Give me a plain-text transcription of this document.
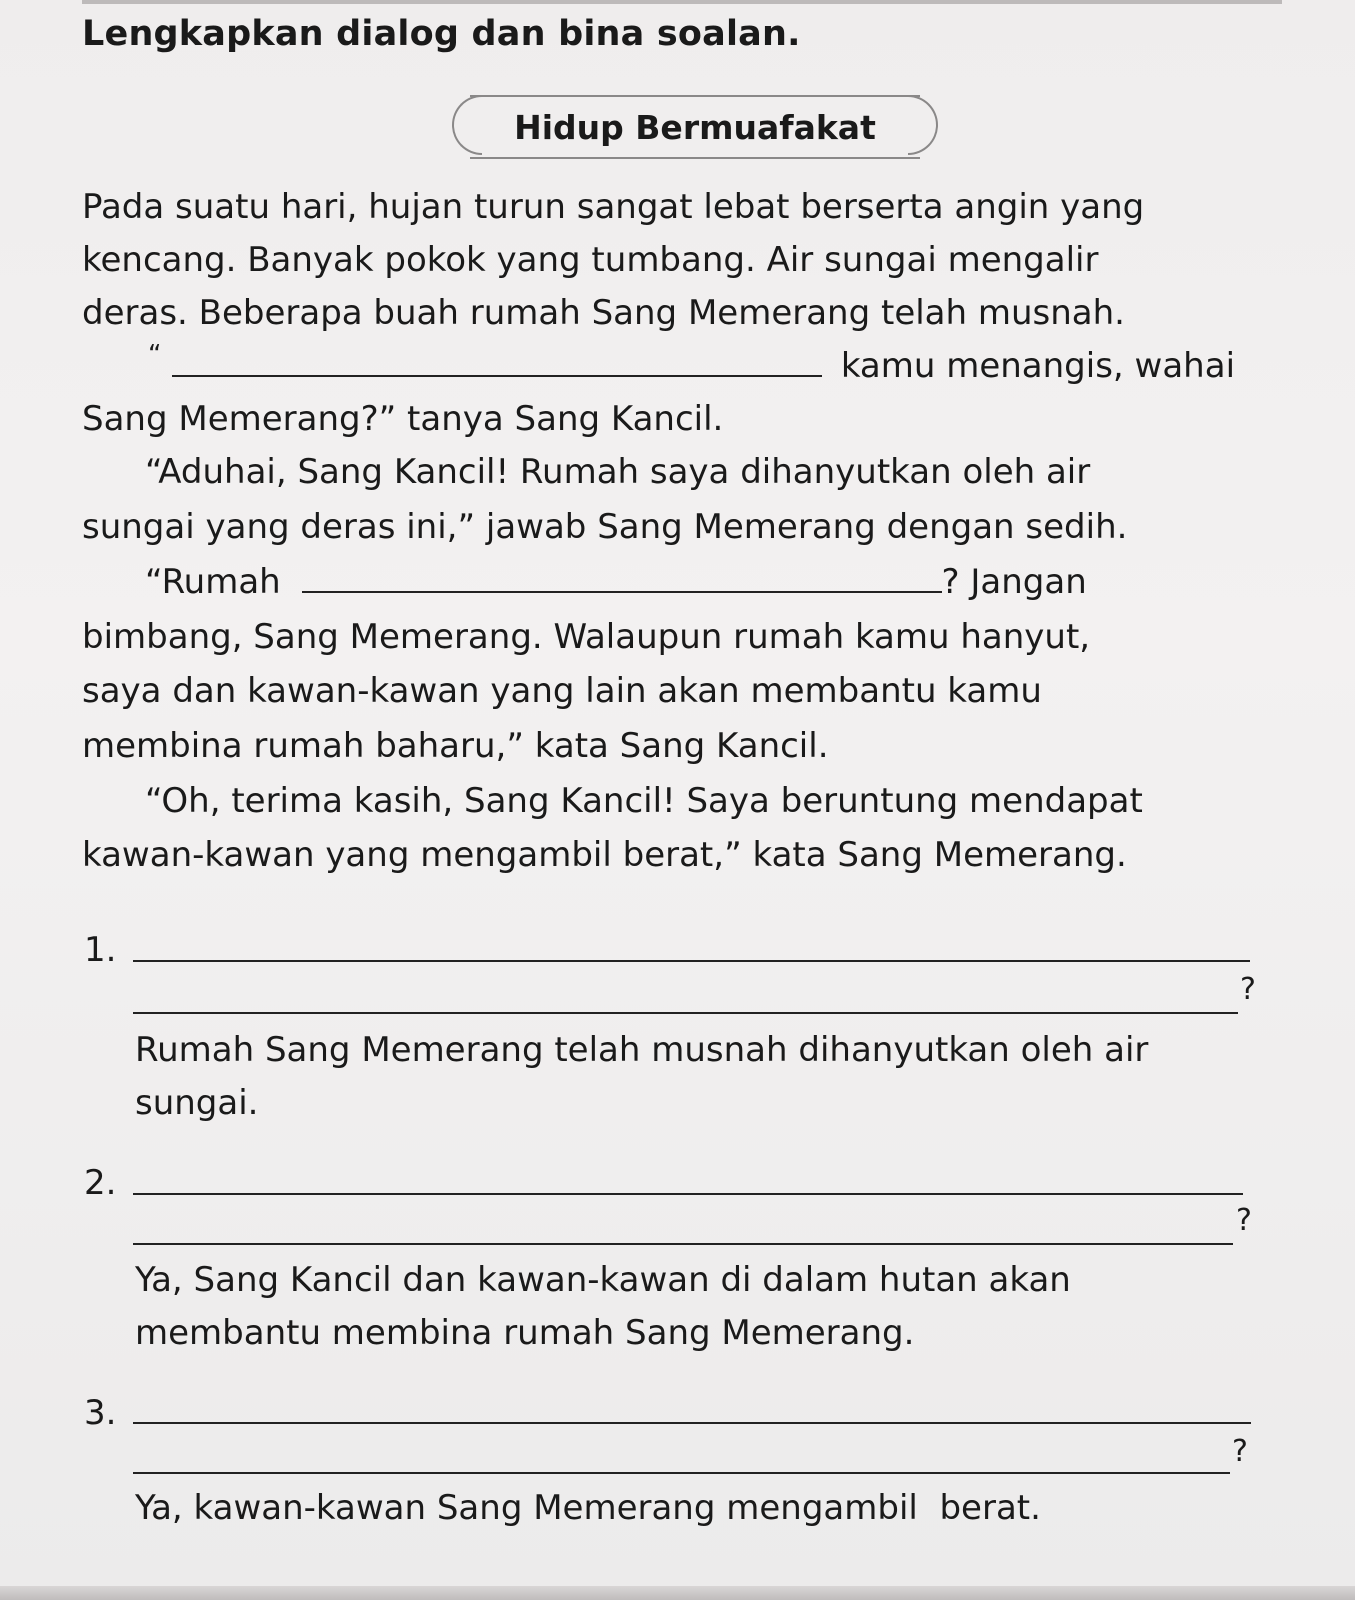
Lengkapkan dialog dan bina soalan.
Hidup Bermuafakat
Pada suatu hari, hujan turun sangat lebat berserta angin yang
kencang. Banyak pokok yang tumbang. Air sungai mengalir
deras. Beberapa buah rumah Sang Memerang telah musnah.
“	kamu menangis, wahai
Sang Memerang?” tanya Sang Kancil.
“Aduhai, Sang Kancil! Rumah saya dihanyutkan oleh air
sungai yang deras ini,” jawab Sang Memerang dengan sedih.
“Rumah	? Jangan
bimbang, Sang Memerang. Walaupun rumah kamu hanyut,
saya dan kawan-kawan yang lain akan membantu kamu
membina rumah baharu,” kata Sang Kancil.
“Oh, terima kasih, Sang Kancil! Saya beruntung mendapat
kawan-kawan yang mengambil berat,” kata Sang Memerang.
1.
?
Rumah Sang Memerang telah musnah dihanyutkan oleh air
sungai.
2.
?
Ya, Sang Kancil dan kawan-kawan di dalam hutan akan
membantu membina rumah Sang Memerang.
3.
?
Ya, kawan-kawan Sang Memerang mengambil  berat.
